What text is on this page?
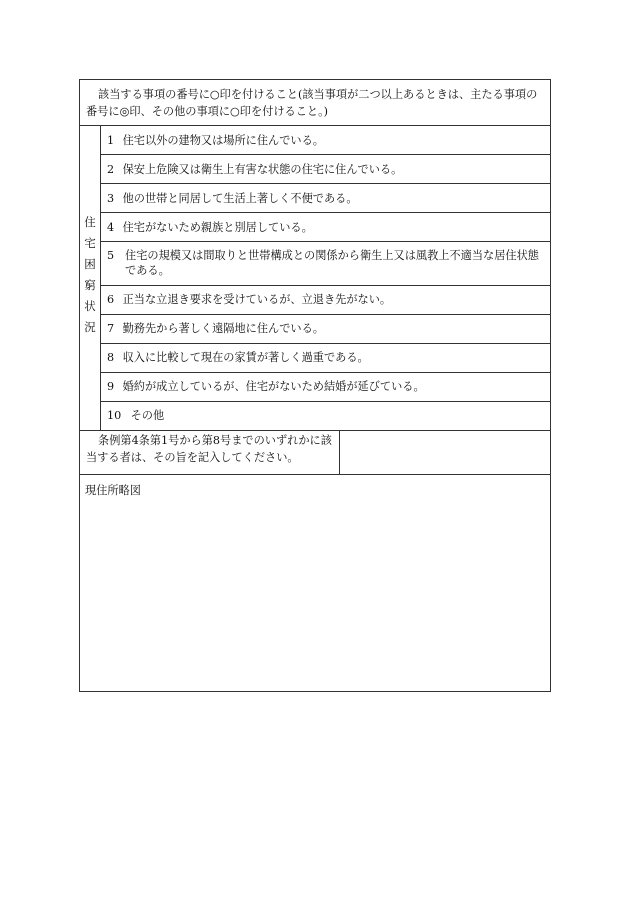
該当する事項の番号に○印を付けること(該当事項が二つ以上あるときは、主たる事項の番号に◎印、その他の事項に○印を付けること。)
住
宅
困
窮
状
況
1 住宅以外の建物又は場所に住んでいる。
2 保安上危険又は衛生上有害な状態の住宅に住んでいる。
3 他の世帯と同居して生活上著しく不便である。
4 住宅がないため親族と別居している。
5 住宅の規模又は間取りと世帯構成との関係から衛生上又は風教上不適当な居住状態である。
6 正当な立退き要求を受けているが、立退き先がない。
7 勤務先から著しく遠隔地に住んでいる。
8 収入に比較して現在の家賃が著しく過重である。
9 婚約が成立しているが、住宅がないため結婚が延びている。
10 その他
条例第4条第1号から第8号までのいずれかに該当する者は、その旨を記入してください。
現住所略図
